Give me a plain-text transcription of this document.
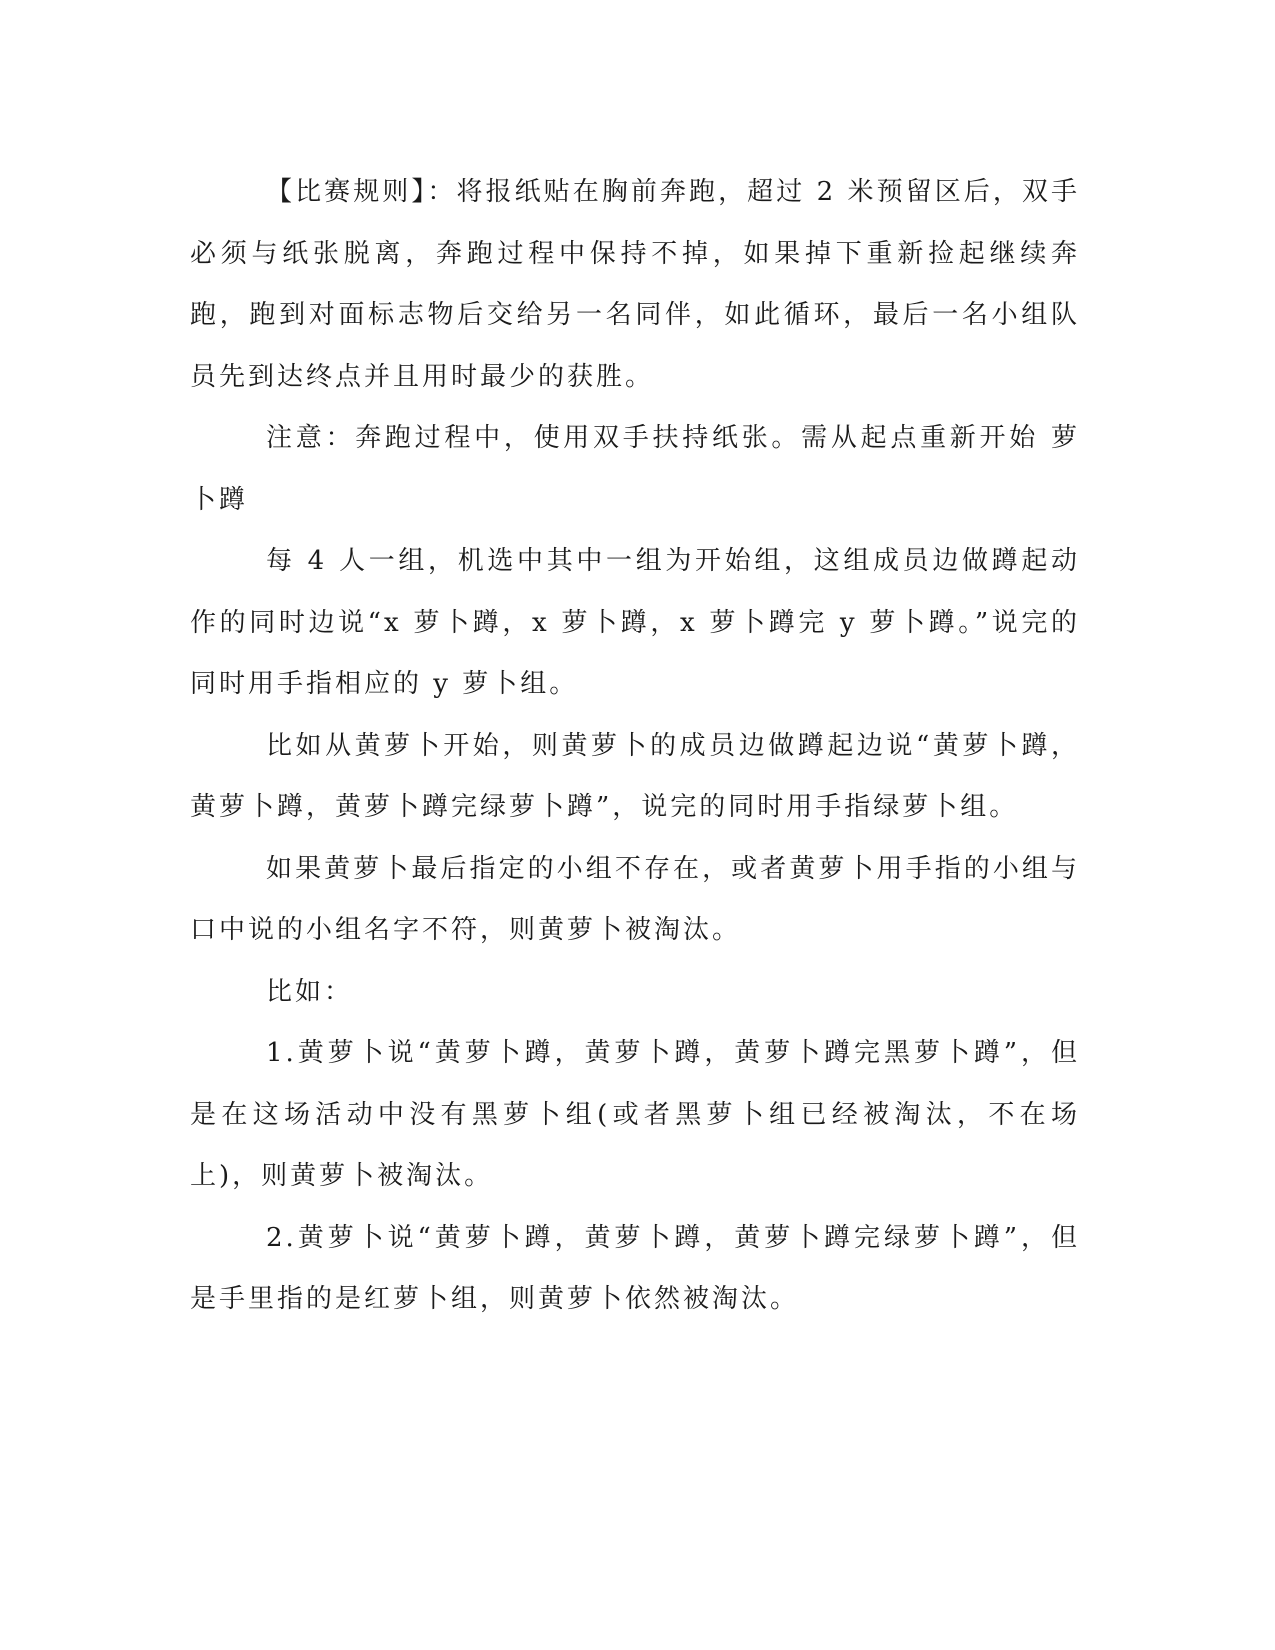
【比赛规则】：将报纸贴在胸前奔跑，超过 2 米预留区后，双手必须与纸张脱离，奔跑过程中保持不掉，如果掉下重新捡起继续奔跑，跑到对面标志物后交给另一名同伴，如此循环，最后一名小组队员先到达终点并且用时最少的获胜。

注意：奔跑过程中，使用双手扶持纸张。需从起点重新开始 萝卜蹲

每 4 人一组，机选中其中一组为开始组，这组成员边做蹲起动作的同时边说“x 萝卜蹲，x 萝卜蹲，x 萝卜蹲完 y 萝卜蹲。”说完的同时用手指相应的 y 萝卜组。

比如从黄萝卜开始，则黄萝卜的成员边做蹲起边说“黄萝卜蹲，黄萝卜蹲，黄萝卜蹲完绿萝卜蹲”，说完的同时用手指绿萝卜组。

如果黄萝卜最后指定的小组不存在，或者黄萝卜用手指的小组与口中说的小组名字不符，则黄萝卜被淘汰。

比如：

1.黄萝卜说“黄萝卜蹲，黄萝卜蹲，黄萝卜蹲完黑萝卜蹲”，但是在这场活动中没有黑萝卜组(或者黑萝卜组已经被淘汰，不在场上)，则黄萝卜被淘汰。

2.黄萝卜说“黄萝卜蹲，黄萝卜蹲，黄萝卜蹲完绿萝卜蹲”，但是手里指的是红萝卜组，则黄萝卜依然被淘汰。
